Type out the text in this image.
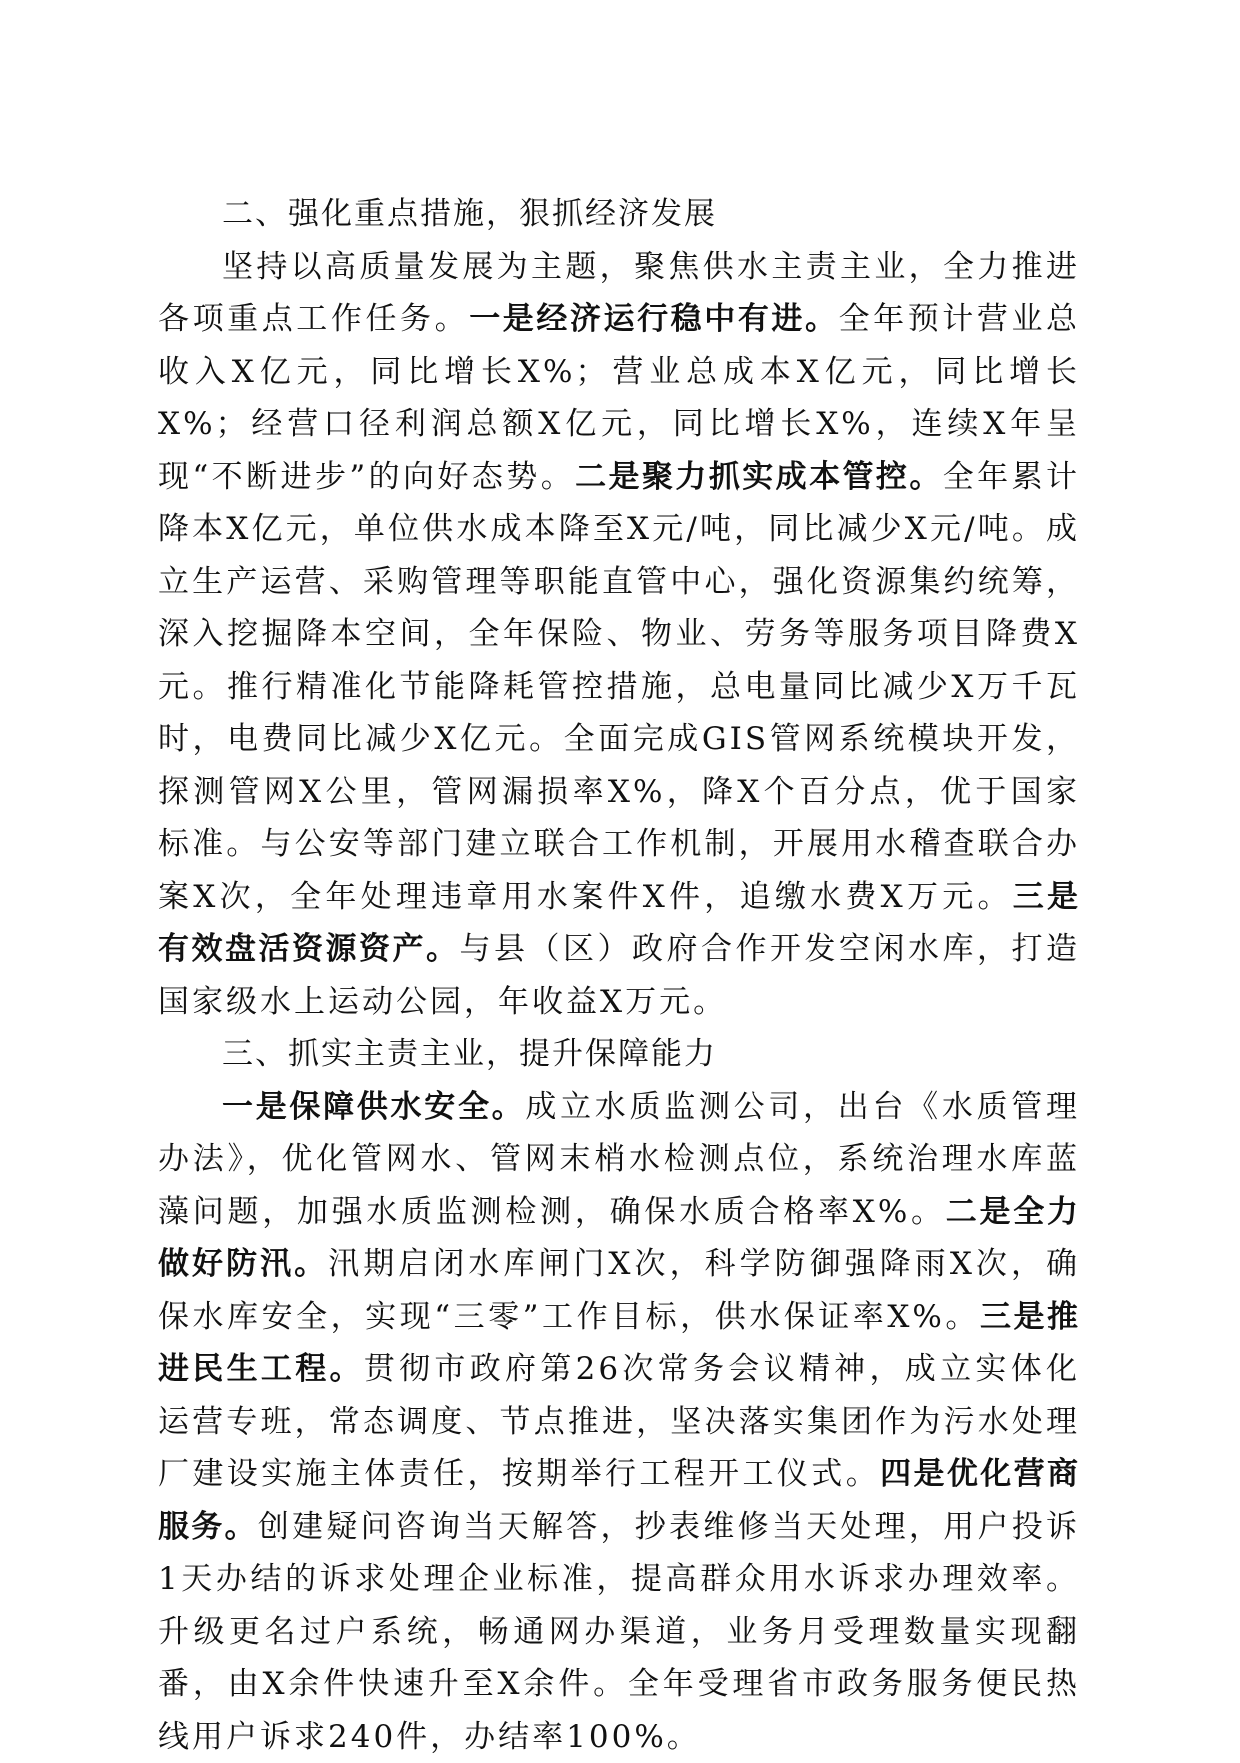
二、强化重点措施，狠抓经济发展

坚持以高质量发展为主题，聚焦供水主责主业，全力推进各项重点工作任务。一是经济运行稳中有进。全年预计营业总收入X亿元，同比增长X%；营业总成本X亿元，同比增长X%；经营口径利润总额X亿元，同比增长X%，连续X年呈现“不断进步”的向好态势。二是聚力抓实成本管控。全年累计降本X亿元，单位供水成本降至X元/吨，同比减少X元/吨。成立生产运营、采购管理等职能直管中心，强化资源集约统筹，深入挖掘降本空间，全年保险、物业、劳务等服务项目降费X元。推行精准化节能降耗管控措施，总电量同比减少X万千瓦时，电费同比减少X亿元。全面完成GIS管网系统模块开发，探测管网X公里，管网漏损率X%，降X个百分点，优于国家标准。与公安等部门建立联合工作机制，开展用水稽查联合办案X次，全年处理违章用水案件X件，追缴水费X万元。三是有效盘活资源资产。与县（区）政府合作开发空闲水库，打造国家级水上运动公园，年收益X万元。

三、抓实主责主业，提升保障能力

一是保障供水安全。成立水质监测公司，出台《水质管理办法》，优化管网水、管网末梢水检测点位，系统治理水库蓝藻问题，加强水质监测检测，确保水质合格率X%。二是全力做好防汛。汛期启闭水库闸门X次，科学防御强降雨X次，确保水库安全，实现“三零”工作目标，供水保证率X%。三是推进民生工程。贯彻市政府第26次常务会议精神，成立实体化运营专班，常态调度、节点推进，坚决落实集团作为污水处理厂建设实施主体责任，按期举行工程开工仪式。四是优化营商服务。创建疑问咨询当天解答，抄表维修当天处理，用户投诉1天办结的诉求处理企业标准，提高群众用水诉求办理效率。升级更名过户系统，畅通网办渠道，业务月受理数量实现翻番，由X余件快速升至X余件。全年受理省市政务服务便民热线用户诉求240件，办结率100%。
